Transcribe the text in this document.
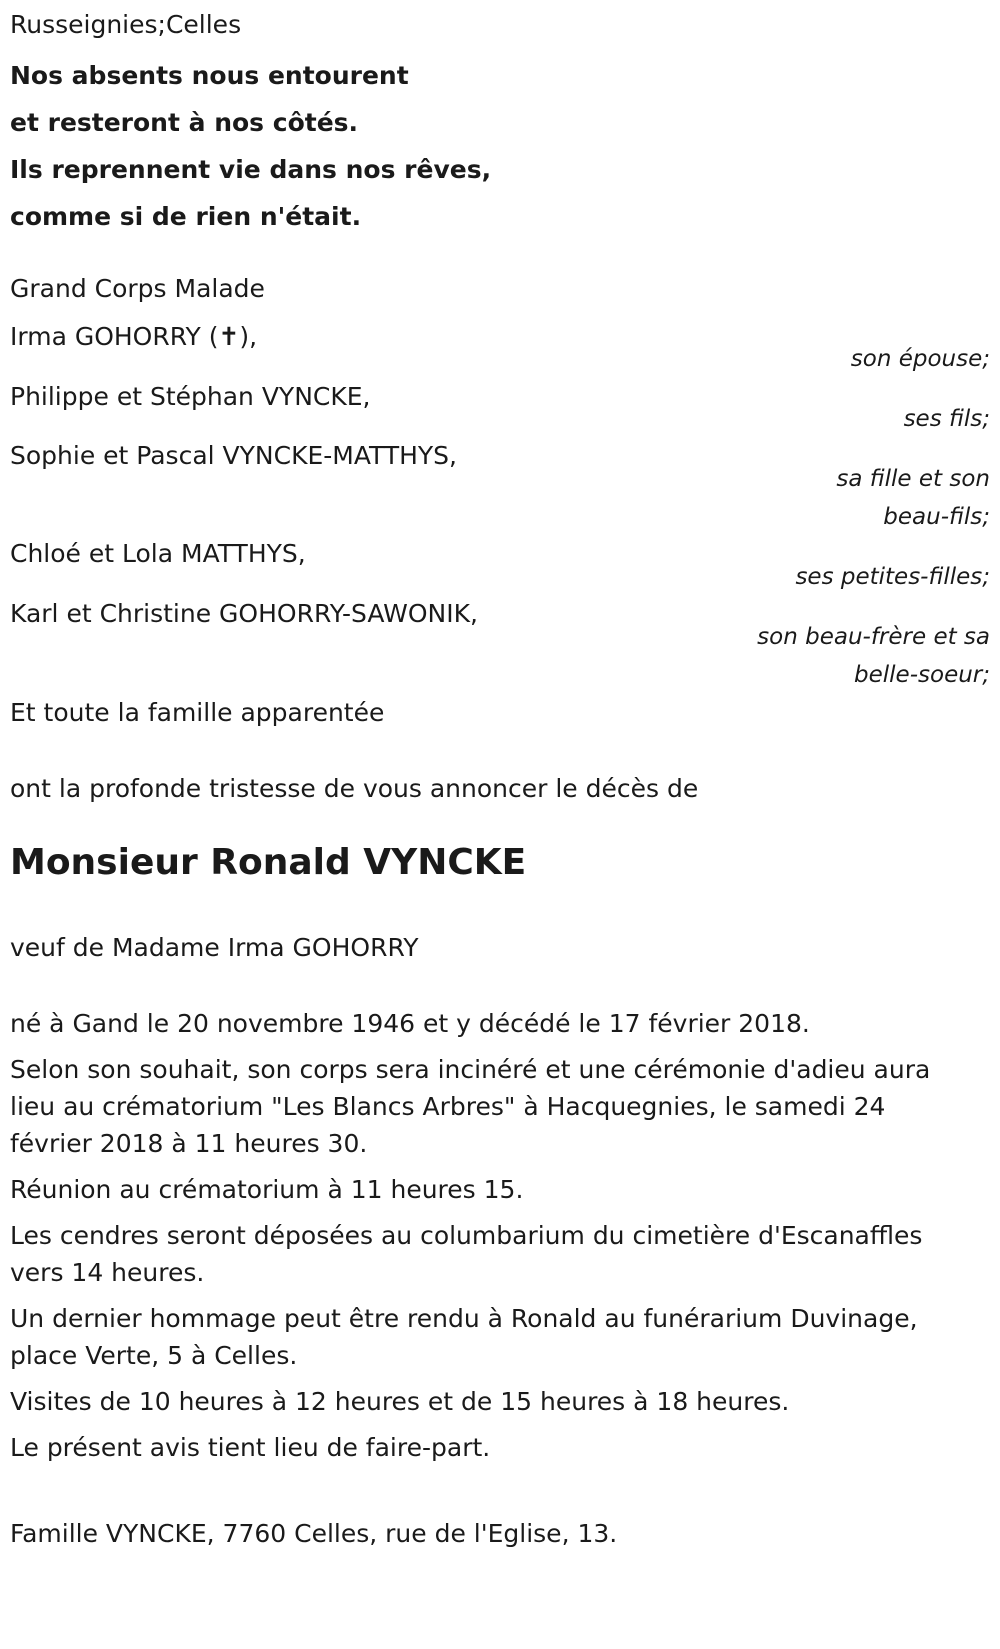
Russeignies;Celles
Nos absents nous entourent
et resteront à nos côtés.
Ils reprennent vie dans nos rêves,
comme si de rien n'était.
Grand Corps Malade
Irma GOHORRY (✝),
son épouse;
Philippe et Stéphan VYNCKE,
ses fils;
Sophie et Pascal VYNCKE-MATTHYS,
sa fille et son
beau-fils;
Chloé et Lola MATTHYS,
ses petites-filles;
Karl et Christine GOHORRY-SAWONIK,
son beau-frère et sa
belle-soeur;
Et toute la famille apparentée
ont la profonde tristesse de vous annoncer le décès de
Monsieur Ronald VYNCKE
veuf de Madame Irma GOHORRY

né à Gand le 20 novembre 1946 et y décédé le 17 février 2018.

Selon son souhait, son corps sera incinéré et une cérémonie d'adieu aura lieu au crématorium "Les Blancs Arbres" à Hacquegnies, le samedi 24 février 2018 à 11 heures 30.

Réunion au crématorium à 11 heures 15.

Les cendres seront déposées au columbarium du cimetière d'Escanaffles vers 14 heures.

Un dernier hommage peut être rendu à Ronald au funérarium Duvinage, place Verte, 5 à Celles.

Visites de 10 heures à 12 heures et de 15 heures à 18 heures.

Le présent avis tient lieu de faire-part.

Famille VYNCKE, 7760 Celles, rue de l'Eglise, 13.
